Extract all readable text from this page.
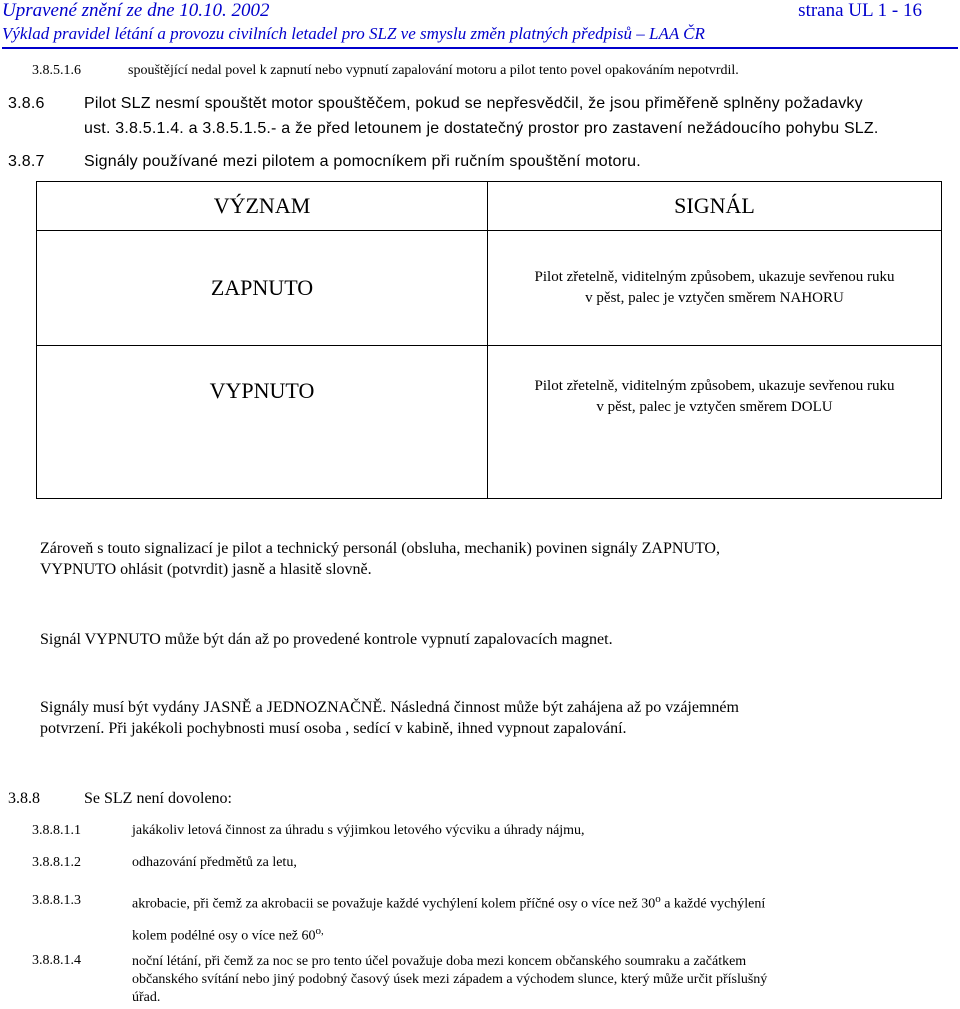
Upravené znění ze dne 10.10. 2002	strana UL 1 - 16
Výklad pravidel létání a provozu civilních letadel pro SLZ ve smyslu změn platných předpisů – LAA ČR
3.8.5.1.6	spouštějící nedal povel k zapnutí nebo vypnutí zapalování motoru a pilot tento povel opakováním nepotvrdil.
3.8.6 Pilot SLZ nesmí spouštět motor spouštěčem, pokud se nepřesvědčil, že jsou přiměřeně splněny požadavky
ust. 3.8.5.1.4. a 3.8.5.1.5.- a že před letounem je dostatečný prostor pro zastavení nežádoucího pohybu SLZ.
3.8.7 Signály používané mezi pilotem a pomocníkem při ručním spouštění motoru.
VÝZNAM	SIGNÁL
ZAPNUTO	Pilot zřetelně, viditelným způsobem, ukazuje sevřenou ruku
v pěst, palec je vztyčen směrem NAHORU

VYPNUTO	Pilot zřetelně, viditelným způsobem, ukazuje sevřenou ruku
v pěst, palec je vztyčen směrem DOLU
Zároveň s touto signalizací je pilot a technický personál (obsluha, mechanik) povinen signály ZAPNUTO,
VYPNUTO ohlásit (potvrdit) jasně a hlasitě slovně.
Signál VYPNUTO může být dán až po provedené kontrole vypnutí zapalovacích magnet.
Signály musí být vydány JASNĚ a JEDNOZNAČNĚ. Následná činnost může být zahájena až po vzájemném
potvrzení. Při jakékoli pochybnosti musí osoba , sedící v kabině, ihned vypnout zapalování.
3.8.8	Se SLZ není dovoleno:
3.8.8.1.1	jakákoliv letová činnost za úhradu s výjimkou letového výcviku a úhrady nájmu,
3.8.8.1.2	odhazování předmětů za letu,
3.8.8.1.3	akrobacie, při čemž za akrobacii se považuje každé vychýlení kolem příčné osy o více než 30$^o$ a každé vychýlení
kolem podélné osy o více než $60^{o,}$
3.8.8.1.4	noční létání, při čemž za noc se pro tento účel považuje doba mezi koncem občanského soumraku a začátkem
občanského svítání nebo jiný podobný časový úsek mezi západem a východem slunce, který může určit příslušný
úřad.
